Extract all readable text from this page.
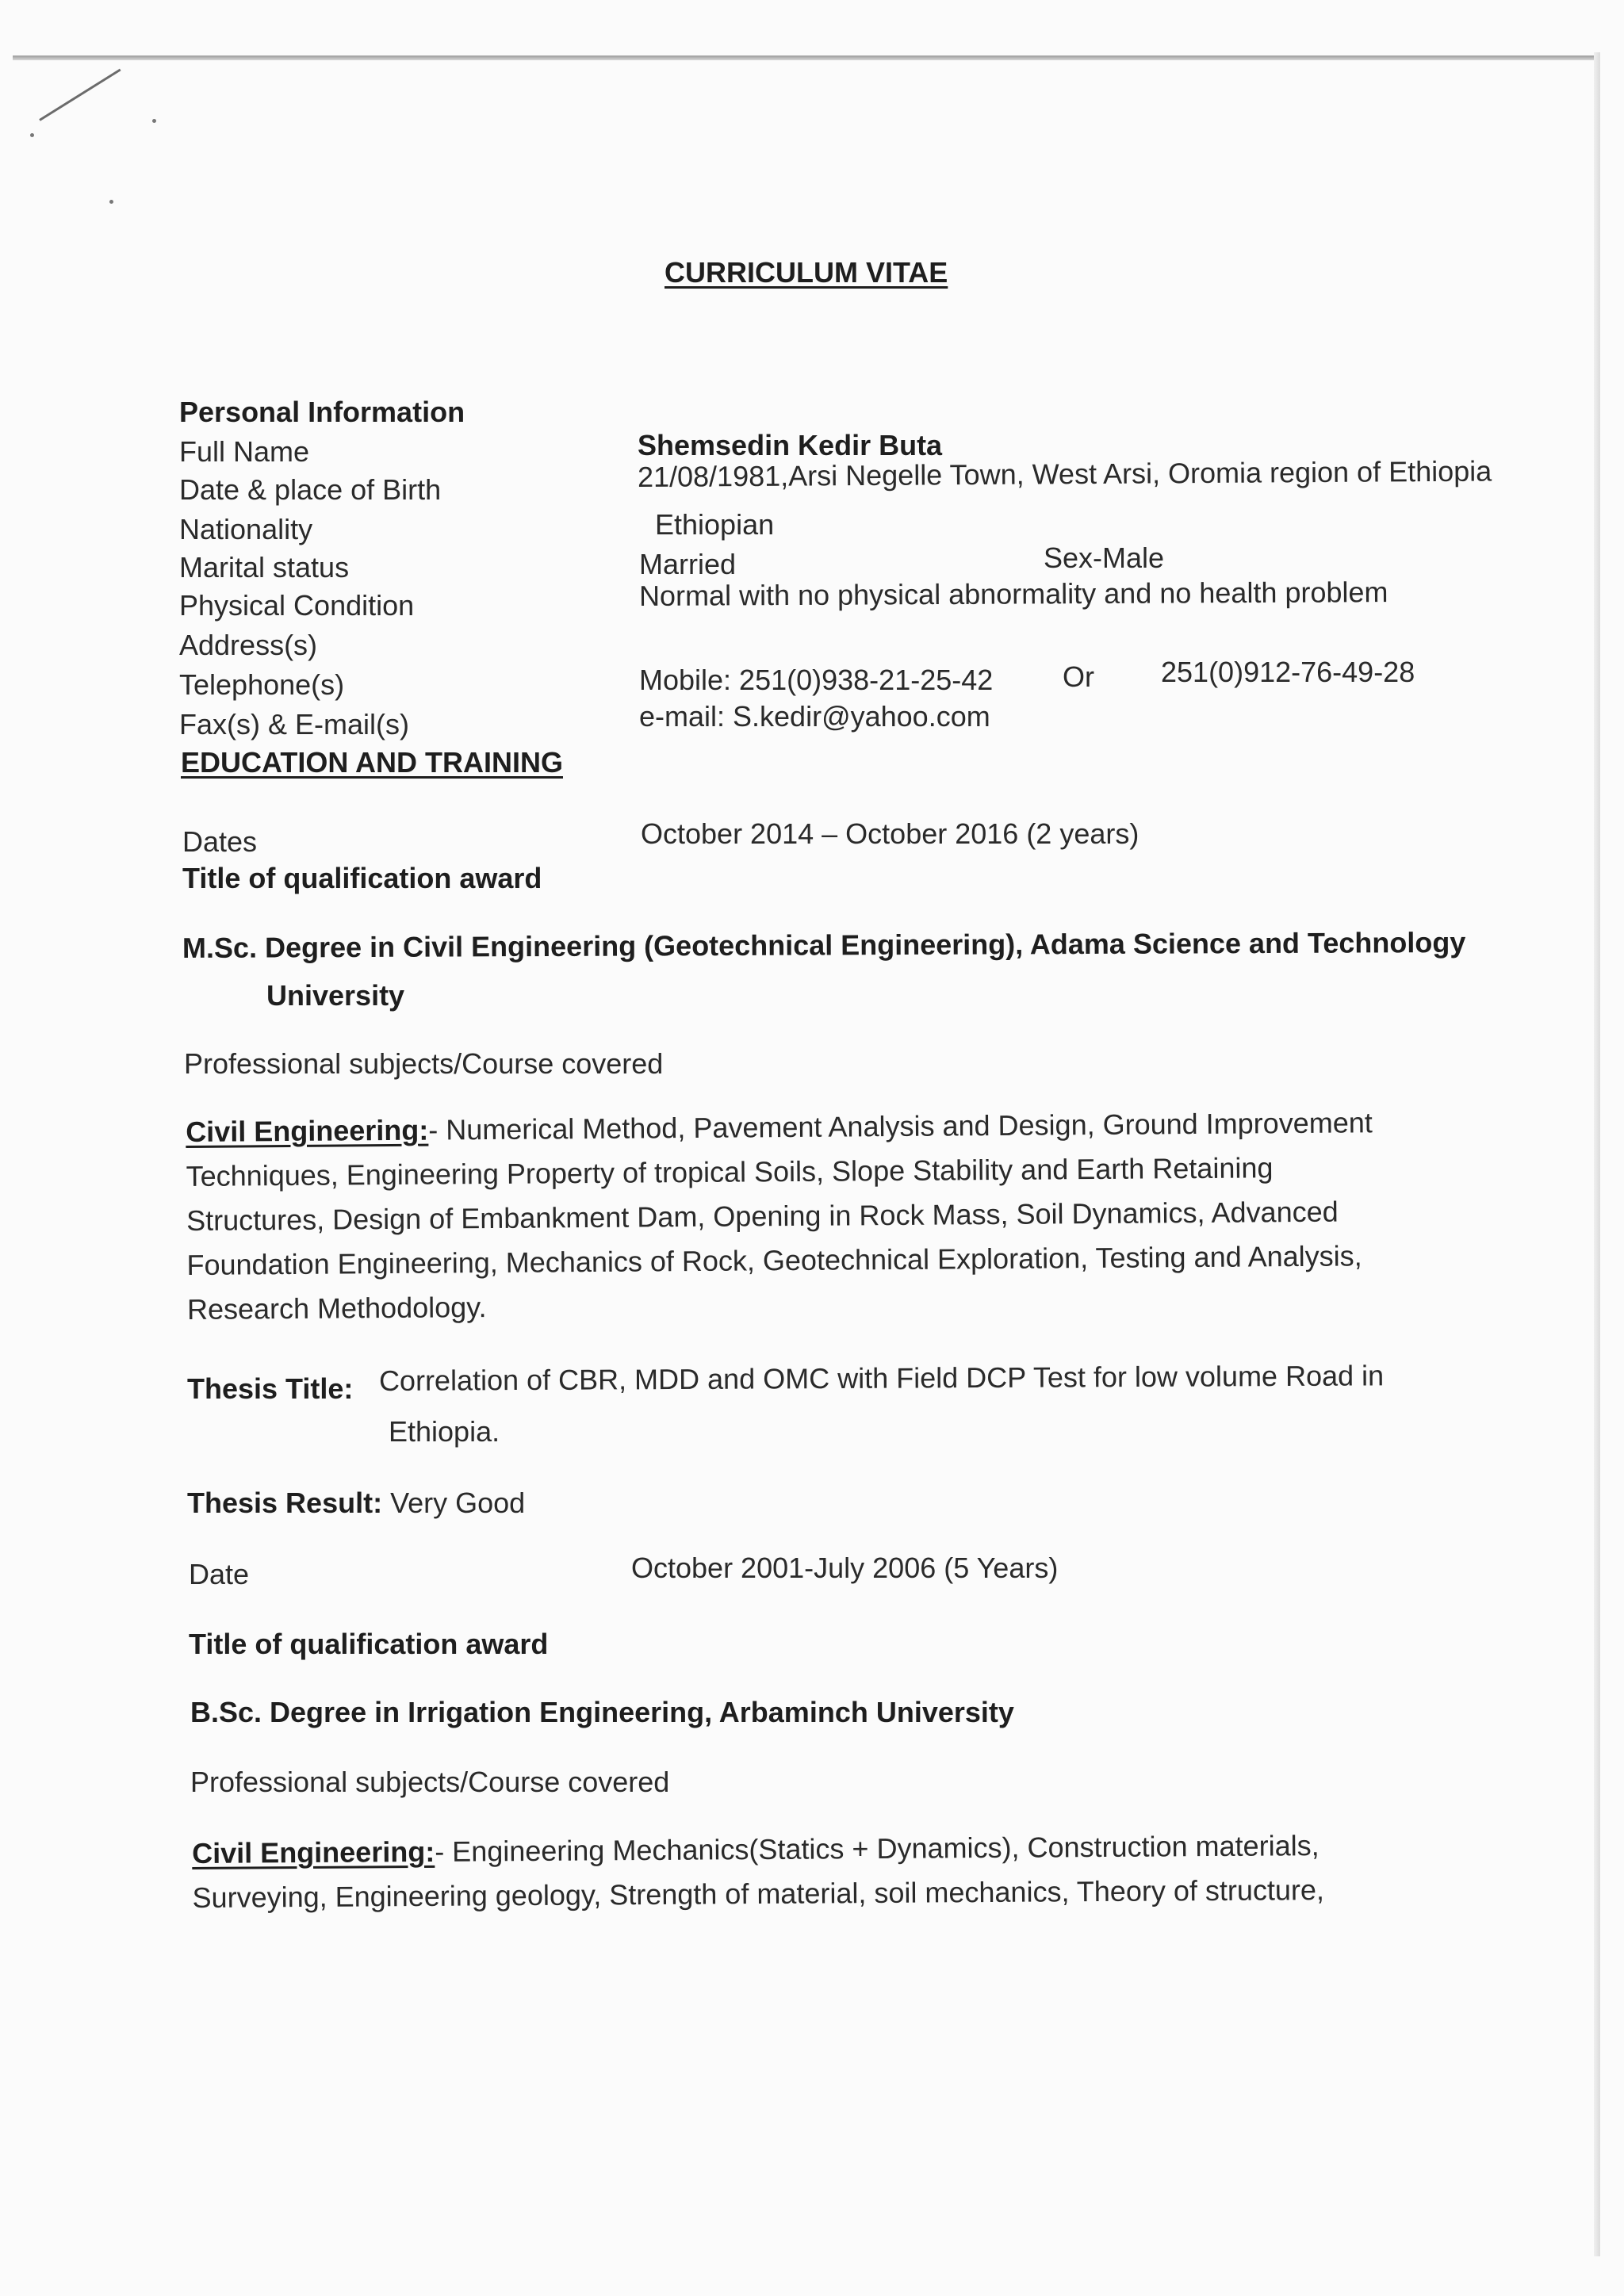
CURRICULUM VITAE
Personal Information
Full Name	Shemsedin Kedir Buta
Date & place of Birth	21/08/1981,Arsi Negelle Town, West Arsi, Oromia region of Ethiopia
Nationality	Ethiopian
Marital status	Married	Sex-Male
Physical Condition	Normal with no physical abnormality and no health problem
Address(s)
Telephone(s)	Mobile: 251(0)938-21-25-42 Or 251(0)912-76-49-28
Fax(s) & E-mail(s)	e-mail: S.kedir@yahoo.com
EDUCATION AND TRAINING
Dates	October 2014 – October 2016 (2 years)
Title of qualification award
M.Sc. Degree in Civil Engineering (Geotechnical Engineering), Adama Science and Technology
University
Professional subjects/Course covered
Civil Engineering:- Numerical Method, Pavement Analysis and Design, Ground Improvement
Techniques, Engineering Property of tropical Soils, Slope Stability and Earth Retaining
Structures, Design of Embankment Dam, Opening in Rock Mass, Soil Dynamics, Advanced
Foundation Engineering, Mechanics of Rock, Geotechnical Exploration, Testing and Analysis,
Research Methodology.
Thesis Title: Correlation of CBR, MDD and OMC with Field DCP Test for low volume Road in
Ethiopia.
Thesis Result: Very Good
Date	October 2001-July 2006 (5 Years)
Title of qualification award
B.Sc. Degree in Irrigation Engineering, Arbaminch University
Professional subjects/Course covered
Civil Engineering:- Engineering Mechanics(Statics + Dynamics), Construction materials,
Surveying, Engineering geology, Strength of material, soil mechanics, Theory of structure,
